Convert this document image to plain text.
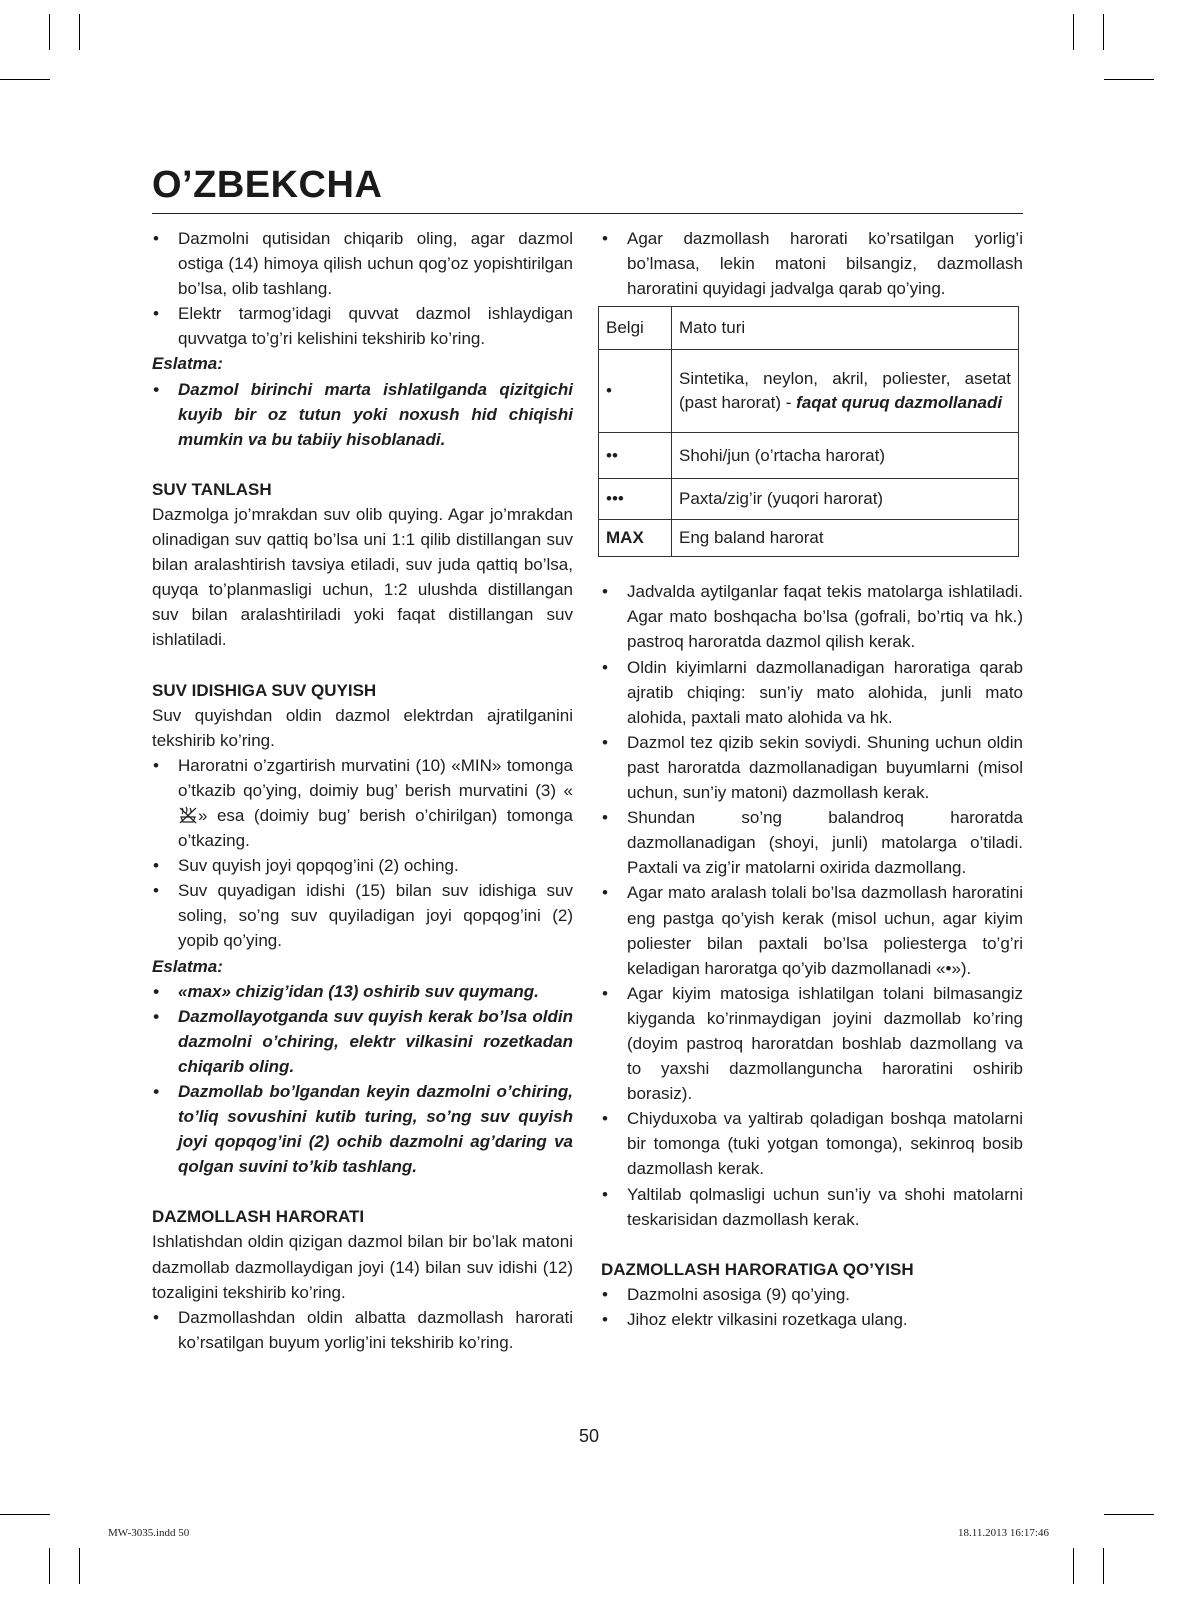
O’ZBEKCHA
• Dazmolni qutisidan chiqarib oling, agar dazmol ostiga (14) himoya qilish uchun qog’oz yopishtirilgan bo’lsa, olib tashlang.
• Elektr tarmog’idagi quvvat dazmol ishlaydigan quvvatga to’g’ri kelishini tekshirib ko’ring.

Eslatma:

• Dazmol birinchi marta ishlatilganda qizitgichi kuyib bir oz tutun yoki noxush hid chiqishi mumkin va bu tabiiy hisoblanadi.
SUV TANLASH

Dazmolga jo’mrakdan suv olib quying. Agar jo’mrakdan olinadigan suv qattiq bo’lsa uni 1:1 qilib distillangan suv bilan aralashtirish tavsiya etiladi, suv juda qattiq bo’lsa, quyqa to’planmasligi uchun, 1:2 ulushda distillangan suv bilan aralashtiriladi yoki faqat distillangan suv ishlatiladi.

SUV IDISHIGA SUV QUYISH

Suv quyishdan oldin dazmol elektrdan ajratilganini tekshirib ko’ring.

• Haroratni o’zgartirish murvatini (10) «MIN» tomonga o’tkazib qo’ying, doimiy bug’ berish murvatini (3) «» esa (doimiy bug’ berish o’chirilgan) tomonga o’tkazing.
• Suv quyish joyi qopqog’ini (2) oching.
• Suv quyadigan idishi (15) bilan suv idishiga suv soling, so’ng suv quyiladigan joyi qopqog’ini (2) yopib qo’ying.

Eslatma:

• «max» chizig’idan (13) oshirib suv quymang.
• Dazmollayotganda suv quyish kerak bo’lsa oldin dazmolni o’chiring, elektr vilkasini rozetkadan chiqarib oling.
• Dazmollab bo’lgandan keyin dazmolni o’chiring, to’liq sovushini kutib turing, so’ng suv quyish joyi qopqog’ini (2) ochib dazmolni ag’daring va qolgan suvini to’kib tashlang.
DAZMOLLASH HARORATI

Ishlatishdan oldin qizigan dazmol bilan bir bo’lak matoni dazmollab dazmollaydigan joyi (14) bilan suv idishi (12) tozaligini tekshirib ko’ring.

• Dazmollashdan oldin albatta dazmollash harorati ko’rsatilgan buyum yorlig’ini tekshirib ko’ring.
• Agar dazmollash harorati ko’rsatilgan yorlig’i bo’lmasa, lekin matoni bilsangiz, dazmollash haroratini quyidagi jadvalga qarab qo’ying.
Belgi	Mato turi
•	Sintetika, neylon, akril, poliester, asetat (past harorat) - faqat quruq dazmollanadi
••	Shohi/jun (o’rtacha harorat)
•••	Paxta/zig’ir (yuqori harorat)
MAX	Eng baland harorat
• Jadvalda aytilganlar faqat tekis matolarga ishlatiladi. Agar mato boshqacha bo’lsa (gofrali, bo’rtiq va hk.) pastroq haroratda dazmol qilish kerak.
• Oldin kiyimlarni dazmollanadigan haroratiga qarab ajratib chiqing: sun’iy mato alohida, junli mato alohida, paxtali mato alohida va hk.
• Dazmol tez qizib sekin soviydi. Shuning uchun oldin past haroratda dazmollanadigan buyumlarni (misol uchun, sun’iy matoni) dazmollash kerak.
• Shundan so’ng balandroq haroratda dazmollanadigan (shoyi, junli) matolarga o’tiladi. Paxtali va zig’ir matolarni oxirida dazmollang.
• Agar mato aralash tolali bo’lsa dazmollash haroratini eng pastga qo’yish kerak (misol uchun, agar kiyim poliester bilan paxtali bo’lsa poliesterga to’g’ri keladigan haroratga qo’yib dazmollanadi «•»).
• Agar kiyim matosiga ishlatilgan tolani bilmasangiz kiyganda ko’rinmaydigan joyini dazmollab ko’ring (doyim pastroq haroratdan boshlab dazmollang va to yaxshi dazmollanguncha haroratini oshirib borasiz).
• Chiyduxoba va yaltirab qoladigan boshqa matolarni bir tomonga (tuki yotgan tomonga), sekinroq bosib dazmollash kerak.
• Yaltilab qolmasligi uchun sun’iy va shohi matolarni teskarisidan dazmollash kerak.
DAZMOLLASH HARORATIGA QO’YISH
• Dazmolni asosiga (9) qo’ying.
• Jihoz elektr vilkasini rozetkaga ulang.
50
MW-3035.indd 50	18.11.2013 16:17:46
